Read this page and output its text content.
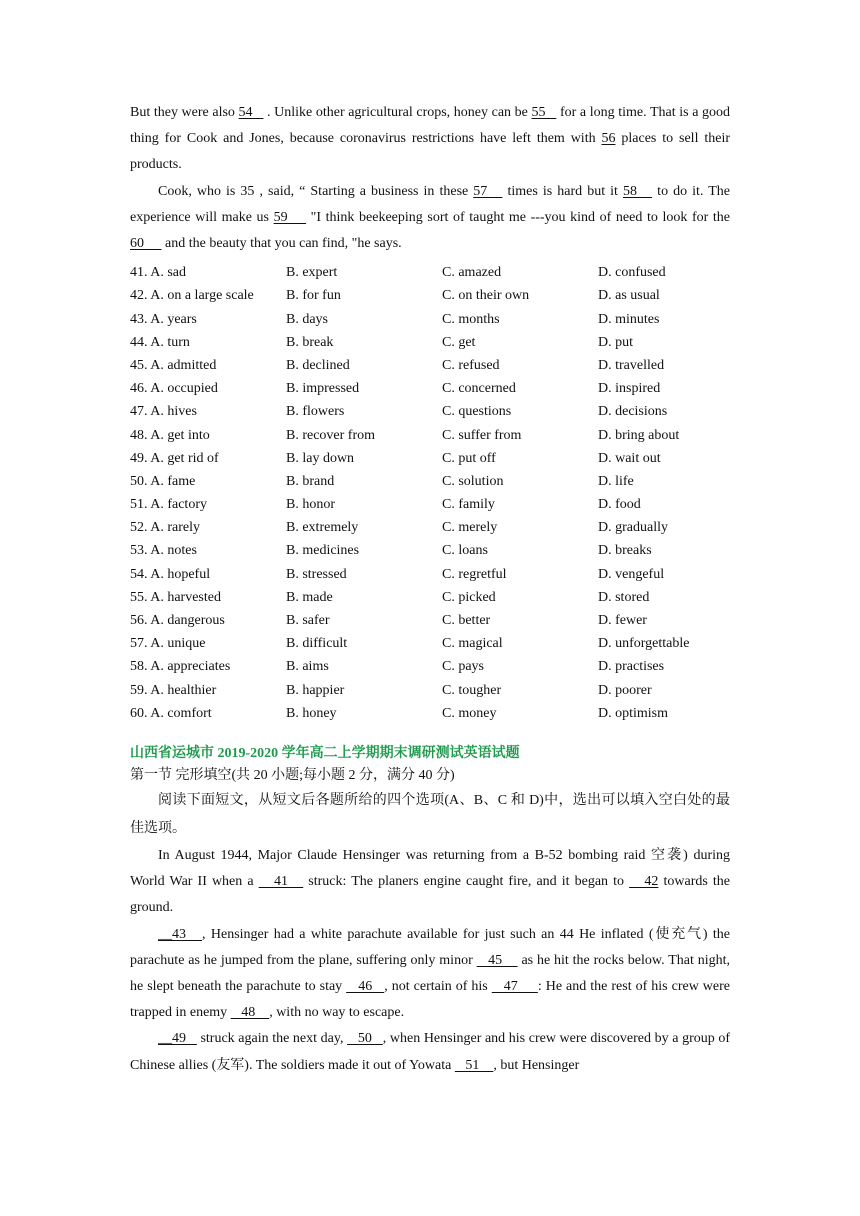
But they were also 54    . Unlike other agricultural crops, honey can be 55    for a long time. That is a good thing for Cook and Jones, because coronavirus restrictions have left them with 56 places to sell their products.

Cook, who is 35 , said, “ Starting a business in these 57    times is hard but it 58    to do it. The experience will make us 59     "I think beekeeping sort of taught me ---you kind of need to look for the 60      and the beauty that you can find, "he says.

41. A. sad	B. expert	C. amazed	D. confused
42. A. on a large scale B. for fun	C. on their own	D. as usual
43. A. years	B. days	C. months	D. minutes
44. A. turn	B. break	C. get	D. put
45. A. admitted	B. declined	C. refused	D. travelled
46. A. occupied	B. impressed	C. concerned	D. inspired
47. A. hives	B. flowers	C. questions	D. decisions
48. A. get into	B. recover from	C. suffer from	D. bring about
49. A. get rid of	B. lay down	C. put off	D. wait out
50. A. fame	B. brand	C. solution	D. life
51. A. factory	B. honor	C. family	D. food
52. A. rarely	B. extremely	C. merely	D. gradually
53. A. notes	B. medicines	C. loans	D. breaks
54. A. hopeful	B. stressed	C. regretful	D. vengeful
55. A. harvested	B. made	C. picked	D. stored
56. A. dangerous	B. safer	C. better	D. fewer
57. A. unique	B. difficult	C. magical	D. unforgettable
58. A. appreciates	B. aims	C. pays	D. practises
59. A. healthier	B. happier	C. tougher	D. poorer
60. A. comfort	B. honey	C. money	D. optimism
山西省运城市 2019-2020 学年高二上学期期末调研测试英语试题
第一节 完形填空(共 20 小题;每小题 2 分，满分 40 分)

阅读下面短文，从短文后各题所给的四个选项(A、B、C 和 D)中，选出可以填入空白处的最佳选项。

In August 1944, Major Claude Hensinger was returning from a B-52 bombing raid 空袭) during World War II when a    41    struck: The planers engine caught fire, and it began to    42 towards the ground.

__43   , Hensinger had a white parachute available for just such an 44 He inflated (使充气) the parachute as he jumped from the plane, suffering only minor    45     as he hit the rocks below. That night, he slept beneath the parachute to stay    46   , not certain of his    47     : He and the rest of his crew were trapped in enemy    48    , with no way to escape.

__49    struck again the next day,    50   , when Hensinger and his crew were discovered by a group of Chinese allies (友军). The soldiers made it out of Yowata    51    , but Hensinger
